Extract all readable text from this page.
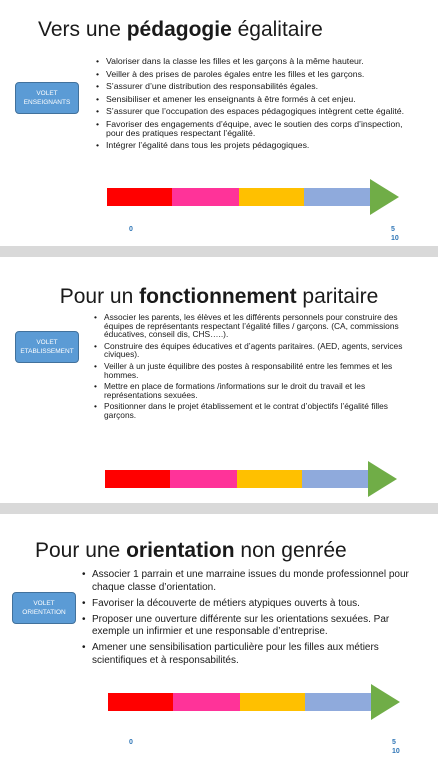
Vers une pédagogie égalitaire
VOLET ENSEIGNANTS
• Valoriser dans la classe les filles et les garçons à la même hauteur.
• Veiller à des prises de paroles égales entre les filles et les garçons.
• S’assurer d’une distribution des responsabilités égales.
• Sensibiliser et amener les enseignants à être formés à cet enjeu.
• S’assurer que l’occupation des espaces pédagogiques intègrent cette égalité.
• Favoriser des engagements d’équipe, avec le soutien des corps d’inspection, pour des pratiques respectant l’égalité.
• Intégrer l’égalité dans tous les projets pédagogiques.
0	5
10
Pour un fonctionnement paritaire
VOLET ETABLISSEMENT
• Associer les parents, les élèves et les différents personnels pour construire des équipes de représentants respectant l’égalité filles / garçons. (CA, commissions éducatives, conseil dis, CHS…..).
• Construire des équipes éducatives et d’agents paritaires. (AED, agents, services civiques).
• Veiller à un juste équilibre des postes à responsabilité entre les femmes et les hommes.
• Mettre en place de formations /informations sur le droit du travail et les représentations sexuées.
• Positionner dans le projet établissement et le contrat d’objectifs l’égalité filles garçons.
Pour une orientation non genrée
VOLET ORIENTATION
• Associer 1 parrain et une marraine issues du monde professionnel pour chaque classe d’orientation.
• Favoriser la découverte de métiers atypiques ouverts à tous.
• Proposer une ouverture différente sur les orientations sexuées. Par exemple un infirmier et une responsable d’entreprise.
• Amener une sensibilisation particulière pour les filles aux métiers scientifiques et à responsabilités.
0	5
10
